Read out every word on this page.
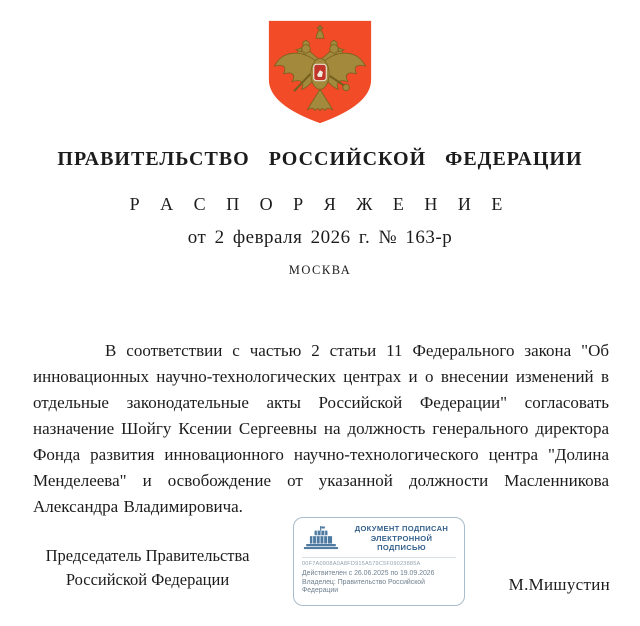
ПРАВИТЕЛЬСТВО РОССИЙСКОЙ ФЕДЕРАЦИИ
Р А С П О Р Я Ж Е Н И Е
от 2 февраля 2026 г. № 163-р
МОСКВА
В соответствии с частью 2 статьи 11 Федерального закона "Об инновационных научно-технологических центрах и о внесении изменений в отдельные законодательные акты Российской Федерации" согласовать назначение Шойгу Ксении Сергеевны на должность генерального директора Фонда развития инновационного научно-технологического центра "Долина Менделеева" и освобождение от указанной должности Масленникова Александра Владимировича.
Председатель Правительства
Российской Федерации
ДОКУМЕНТ ПОДПИСАН
ЭЛЕКТРОННОЙ ПОДПИСЬЮ
00F7A0908A0A8FD915A579C5F09023885A
Действителен с 26.06.2025 по 19.09.2026
Владелец: Правительство Российской
Федерации	М.Мишустин
